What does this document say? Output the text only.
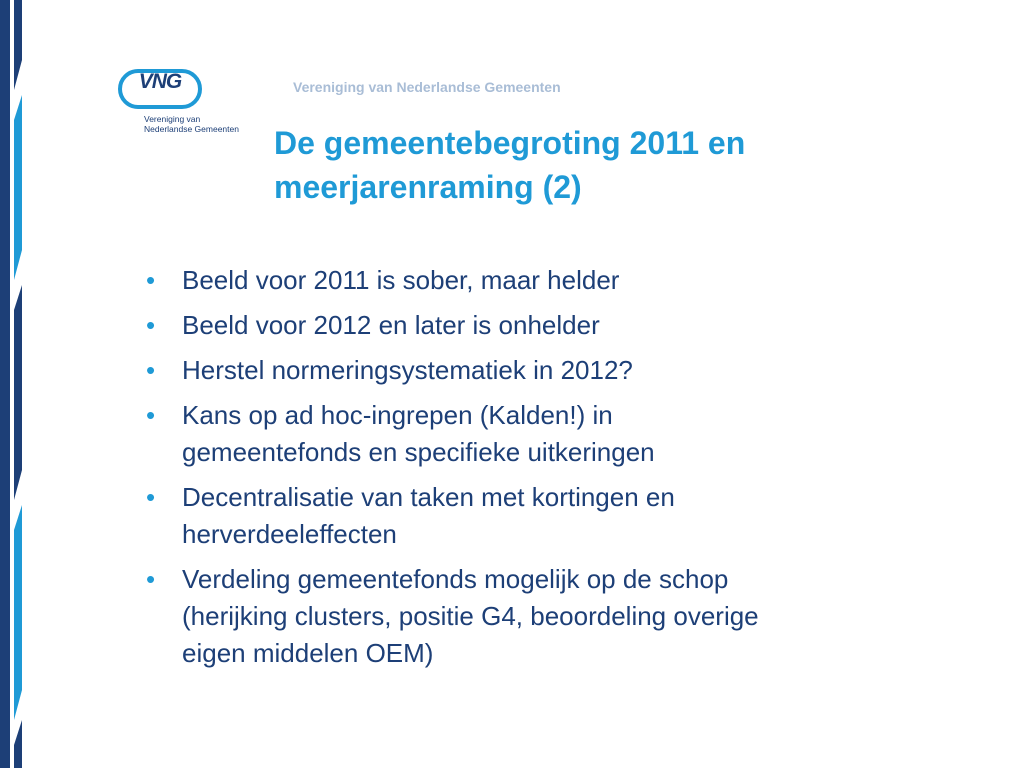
VNG
Vereniging van
Nederlandse Gemeenten
Vereniging van Nederlandse Gemeenten
De gemeentebegroting 2011 en
meerjarenraming (2)
• Beeld voor 2011 is sober, maar helder
• Beeld voor 2012 en later is onhelder
• Herstel normeringsystematiek in 2012?
• Kans op ad hoc-ingrepen (Kalden!) in
gemeentefonds en specifieke uitkeringen
• Decentralisatie van taken met kortingen en
herverdeeleffecten
• Verdeling gemeentefonds mogelijk op de schop
(herijking clusters, positie G4, beoordeling overige
eigen middelen OEM)
